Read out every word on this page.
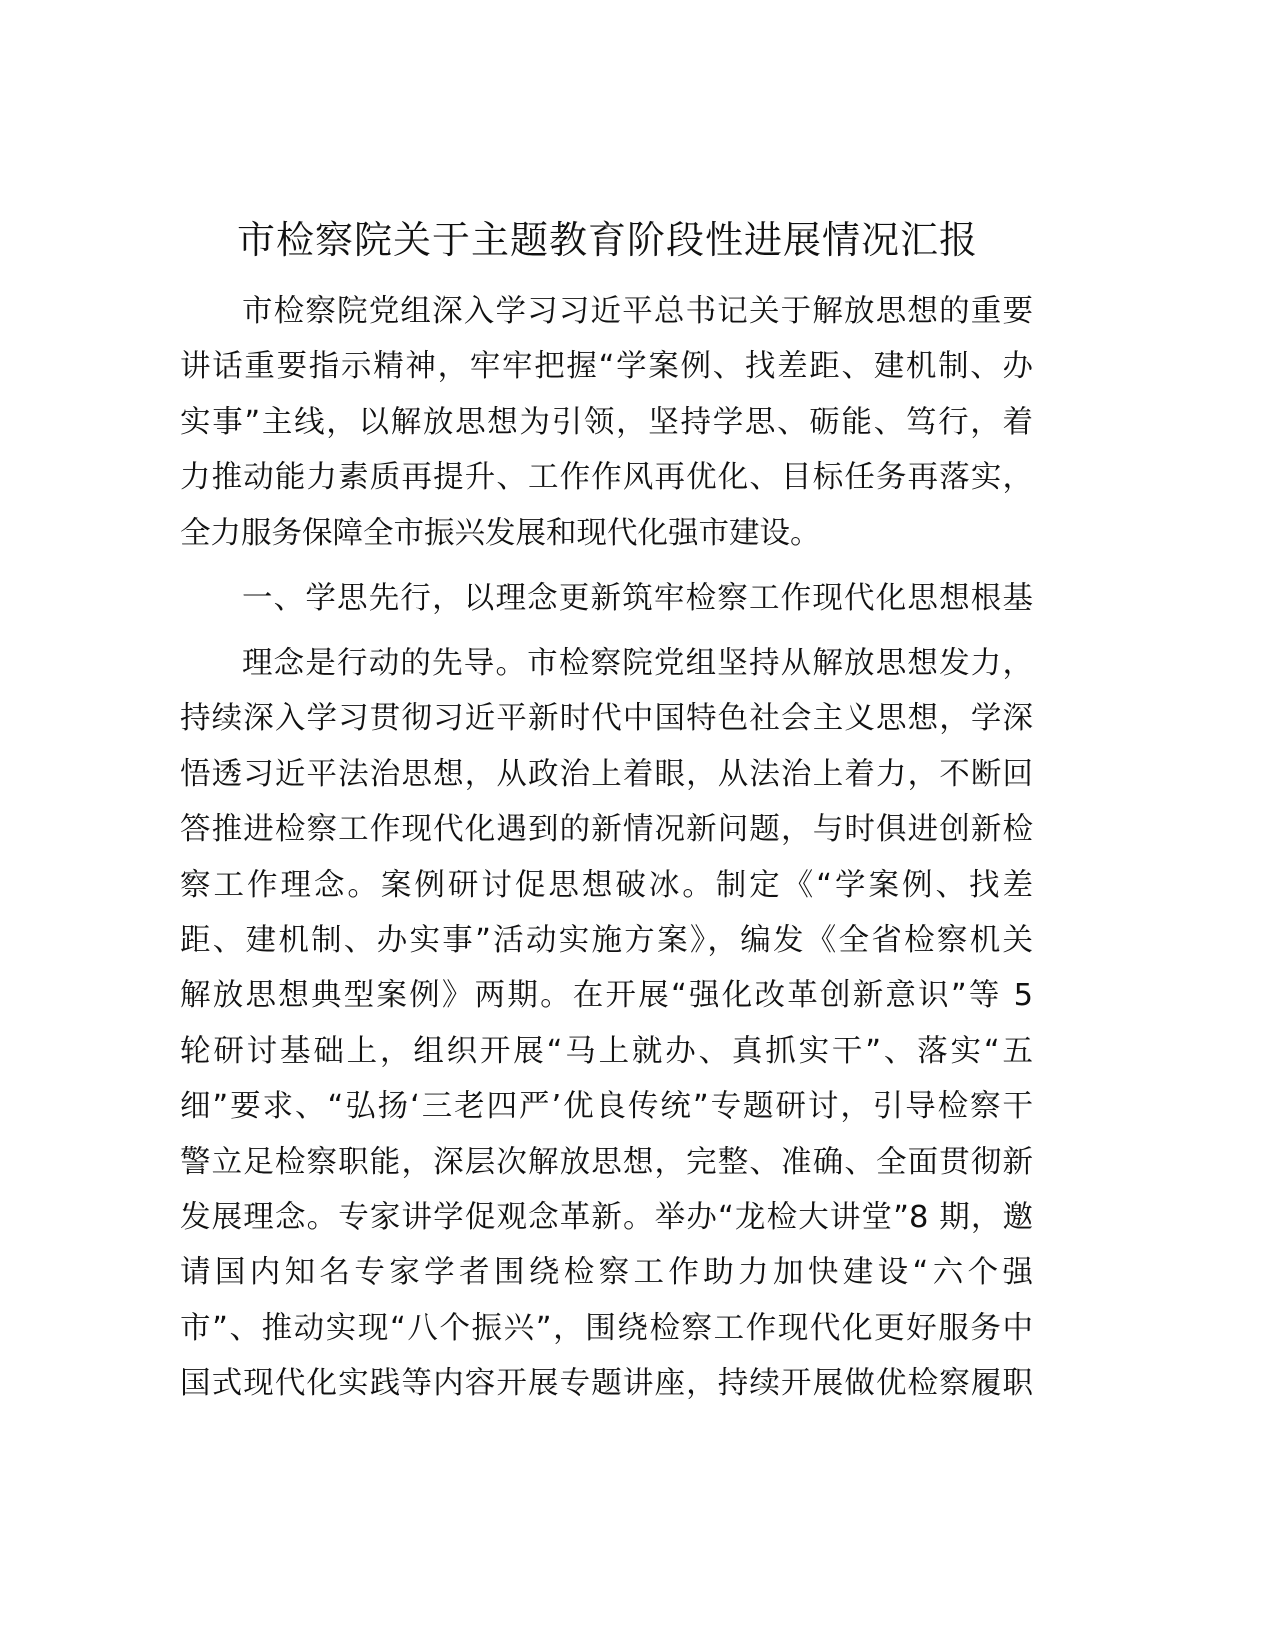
市检察院关于主题教育阶段性进展情况汇报
市检察院党组深入学习习近平总书记关于解放思想的重要
讲话重要指示精神，牢牢把握“学案例、找差距、建机制、办
实事”主线，以解放思想为引领，坚持学思、砺能、笃行，着
力推动能力素质再提升、工作作风再优化、目标任务再落实，
全力服务保障全市振兴发展和现代化强市建设。
一、学思先行，以理念更新筑牢检察工作现代化思想根基
理念是行动的先导。市检察院党组坚持从解放思想发力，
持续深入学习贯彻习近平新时代中国特色社会主义思想，学深
悟透习近平法治思想，从政治上着眼，从法治上着力，不断回
答推进检察工作现代化遇到的新情况新问题，与时俱进创新检
察工作理念。案例研讨促思想破冰。制定《“学案例、找差
距、建机制、办实事”活动实施方案》，编发《全省检察机关
解放思想典型案例》两期。在开展“强化改革创新意识”等 5
轮研讨基础上，组织开展“马上就办、真抓实干”、落实“五
细”要求、“弘扬‘三老四严’优良传统”专题研讨，引导检察干
警立足检察职能，深层次解放思想，完整、准确、全面贯彻新
发展理念。专家讲学促观念革新。举办“龙检大讲堂”8 期，邀
请国内知名专家学者围绕检察工作助力加快建设“六个强
市”、推动实现“八个振兴”，围绕检察工作现代化更好服务中
国式现代化实践等内容开展专题讲座，持续开展做优检察履职
